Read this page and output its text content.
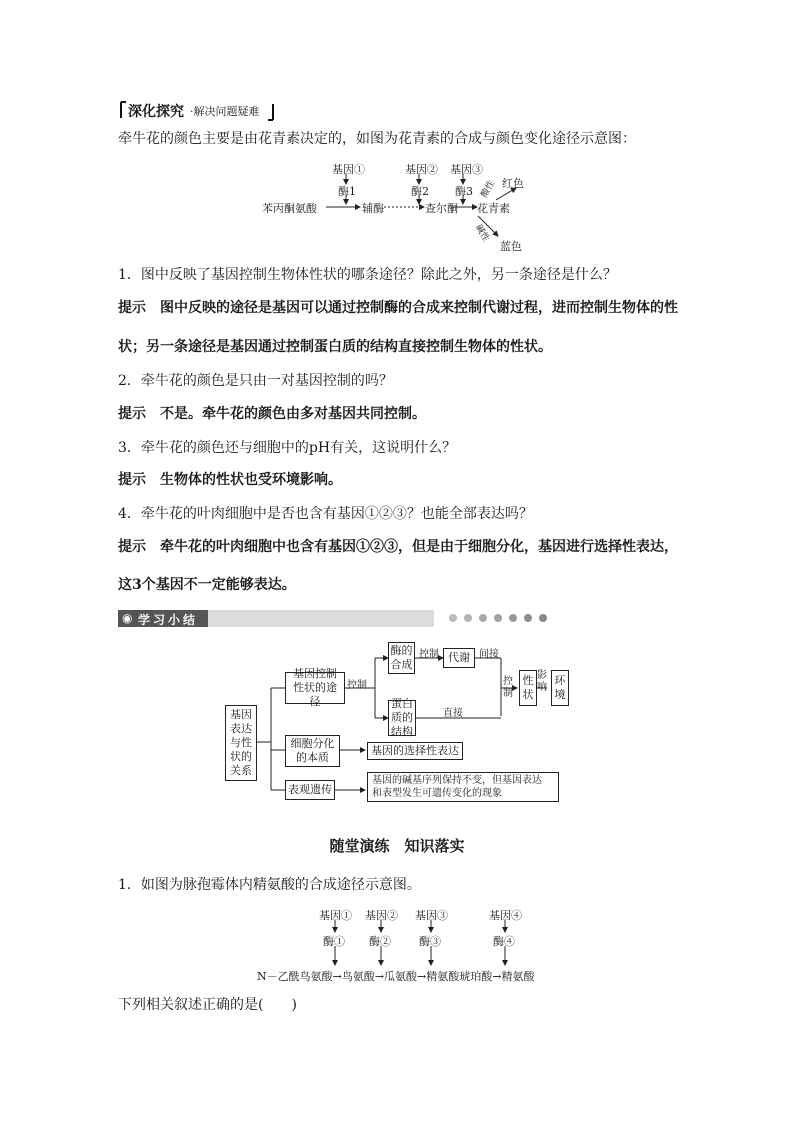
深化探究 ·解决问题疑难
牵牛花的颜色主要是由花青素决定的，如图为花青素的合成与颜色变化途径示意图：
基因①	基因② 基因③
酶1	酶2 酶3
苯丙酮氨酸	辅酶	查尔酮 花青素
酸性 红色
碱性
蓝色
1．图中反映了基因控制生物体性状的哪条途径？除此之外，另一条途径是什么？
提示 图中反映的途径是基因可以通过控制酶的合成来控制代谢过程，进而控制生物体的性
状；另一条途径是基因通过控制蛋白质的结构直接控制生物体的性状。
2．牵牛花的颜色是只由一对基因控制的吗？
提示 不是。牵牛花的颜色由多对基因共同控制。
3．牵牛花的颜色还与细胞中的pH有关，这说明什么？
提示 生物体的性状也受环境影响。
4．牵牛花的叶肉细胞中是否也含有基因①②③？也能全部表达吗？
提示 牵牛花的叶肉细胞中也含有基因①②③，但是由于细胞分化，基因进行选择性表达，
这3个基因不一定能够表达。
◉ 学习小结
基因表达与性状的关系
基因控制性状的途径
细胞分化的本质
表观遗传
酶的合成
代谢
蛋白质的结构
控制
控制	间接
直接
控制
性状
影响
环境
基因的选择性表达
基因的碱基序列保持不变，但基因表达
和表型发生可遗传变化的现象
随堂演练　知识落实
1．如图为脉孢霉体内精氨酸的合成途径示意图。
基因① 基因② 基因③	基因④
酶① 酶②	酶③	酶④
N－乙酰鸟氨酸→鸟氨酸→瓜氨酸→精氨酸琥珀酸→精氨酸
下列相关叙述正确的是(　　)
